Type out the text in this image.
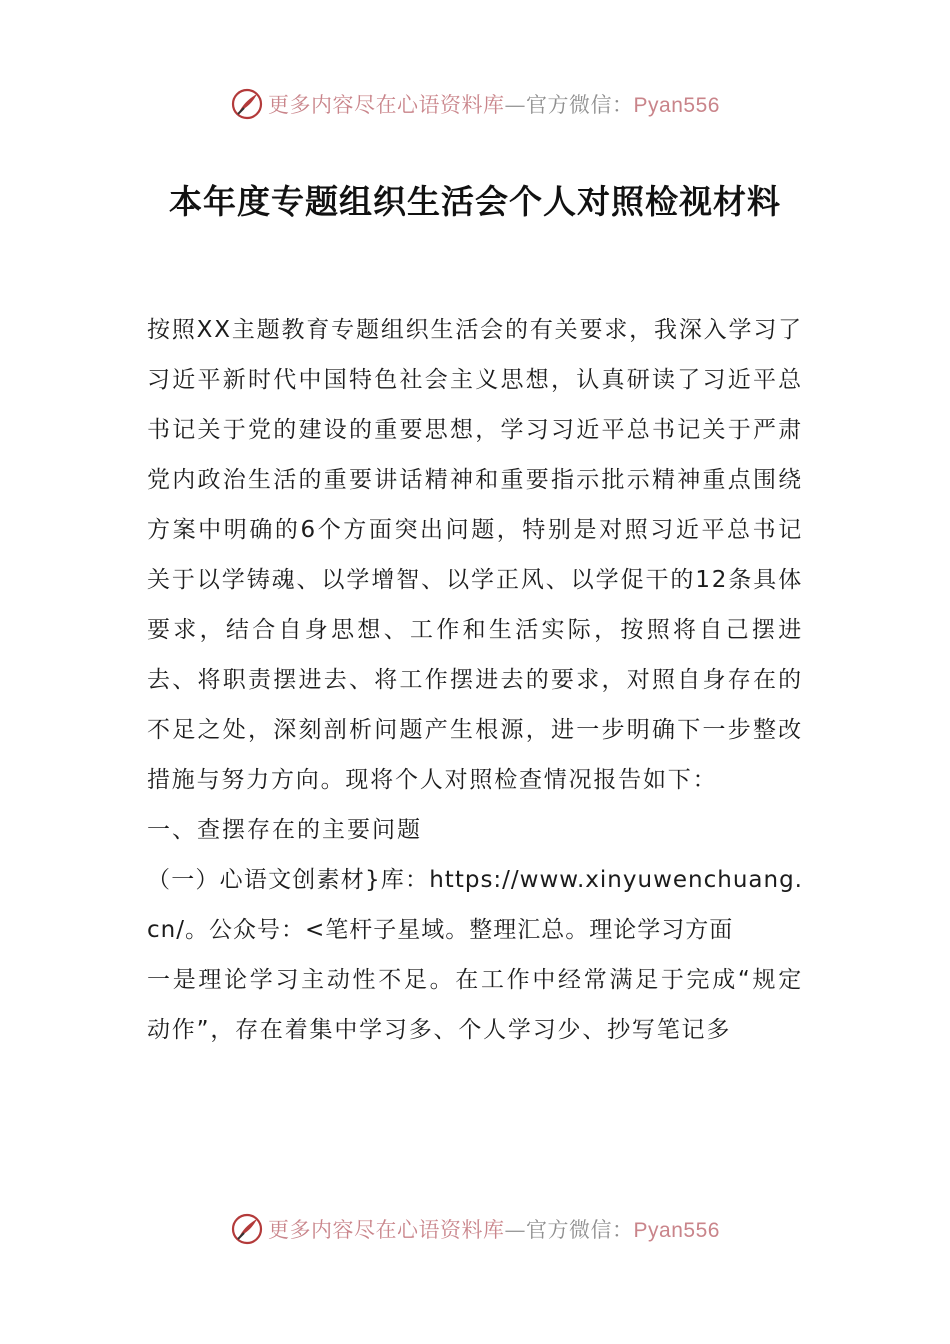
更多内容尽在心语资料库—官方微信：Pyan556
本年度专题组织生活会个人对照检视材料

按照XX主题教育专题组织生活会的有关要求，我深入学习了习近平新时代中国特色社会主义思想，认真研读了习近平总书记关于党的建设的重要思想，学习习近平总书记关于严肃党内政治生活的重要讲话精神和重要指示批示精神重点围绕方案中明确的6个方面突出问题，特别是对照习近平总书记关于以学铸魂、以学增智、以学正风、以学促干的12条具体要求，结合自身思想、工作和生活实际，按照将自己摆进去、将职责摆进去、将工作摆进去的要求，对照自身存在的不足之处，深刻剖析问题产生根源，进一步明确下一步整改措施与努力方向。现将个人对照检查情况报告如下：

一、查摆存在的主要问题

（一）心语文创素材}库：https://www.xinyuwenchuang.cn/。公众号：<笔杆子星域。整理汇总。理论学习方面

一是理论学习主动性不足。在工作中经常满足于完成“规定动作”，存在着集中学习多、个人学习少、抄写笔记多

更多内容尽在心语资料库—官方微信：Pyan556
